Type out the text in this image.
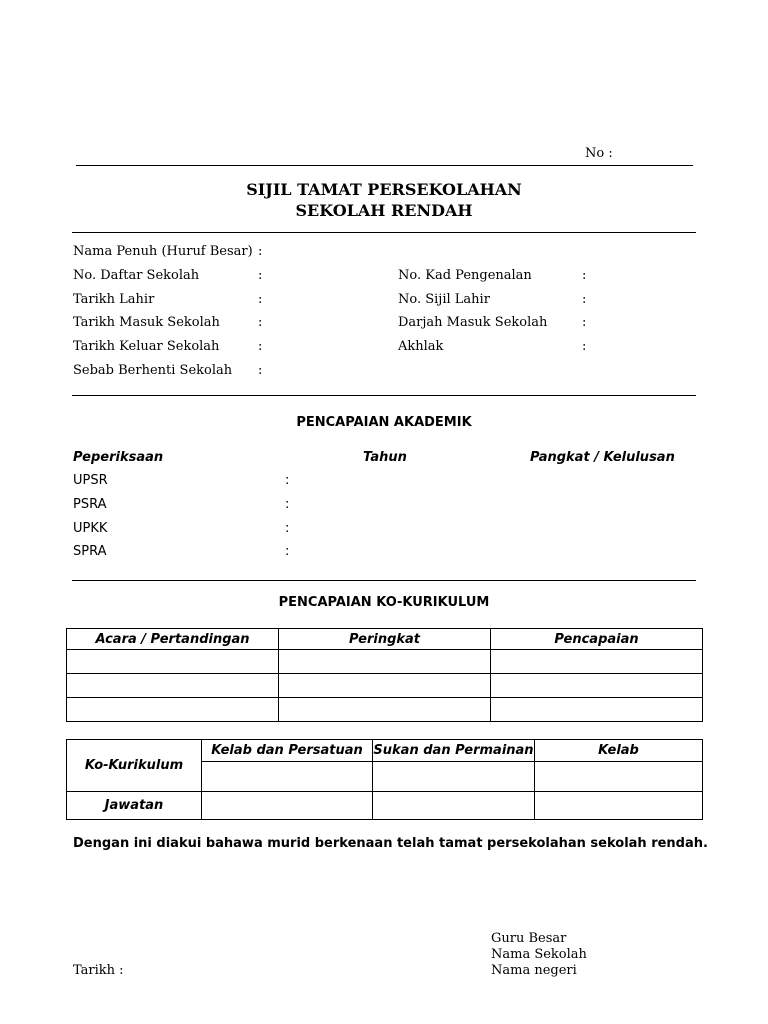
No :
SIJIL TAMAT PERSEKOLAHAN
SEKOLAH RENDAH
Nama Penuh (Huruf Besar) :
No. Daftar Sekolah	:
Tarikh Lahir	:
Tarikh Masuk Sekolah	:
Tarikh Keluar Sekolah	:
Sebab Berhenti Sekolah :
No. Kad Pengenalan	:
No. Sijil Lahir	:
Darjah Masuk Sekolah	:
Akhlak	:
PENCAPAIAN AKADEMIK
Peperiksaan	Tahun	Pangkat / Kelulusan
UPSR	:
PSRA	:
UPKK	:
SPRA	:
PENCAPAIAN KO-KURIKULUM
Acara / Pertandingan	Peringkat	Pencapaian

Ko-Kurikulum	Kelab dan Persatuan	Sukan dan Permainan	Kelab

Jawatan			
Dengan ini diakui bahawa murid berkenaan telah tamat persekolahan sekolah rendah.
Guru Besar
Nama Sekolah
Nama negeri
Tarikh :
